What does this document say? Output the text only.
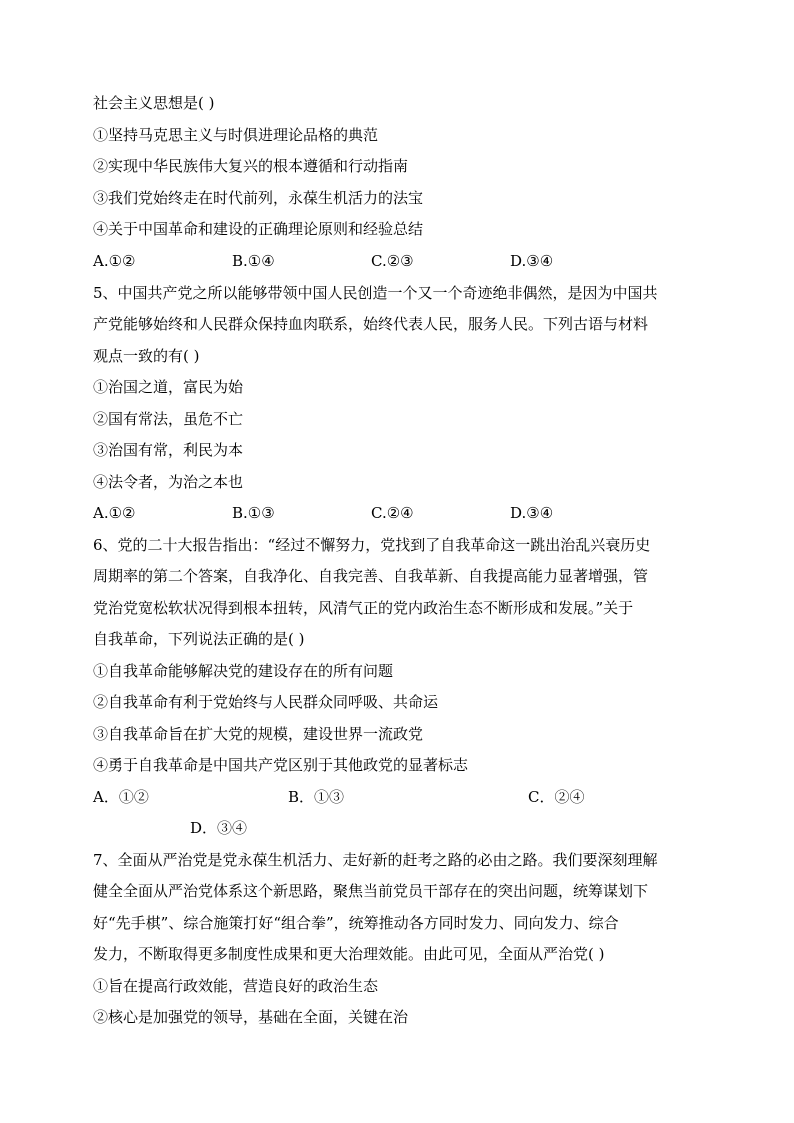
社会主义思想是( )
①坚持马克思主义与时俱进理论品格的典范
②实现中华民族伟大复兴的根本遵循和行动指南
③我们党始终走在时代前列，永葆生机活力的法宝
④关于中国革命和建设的正确理论原则和经验总结
A.①②	B.①④	C.②③	D.③④
5、中国共产党之所以能够带领中国人民创造一个又一个奇迹绝非偶然，是因为中国共
产党能够始终和人民群众保持血肉联系，始终代表人民，服务人民。下列古语与材料
观点一致的有( )
①治国之道，富民为始
②国有常法，虽危不亡
③治国有常，利民为本
④法令者，为治之本也
A.①②	B.①③	C.②④	D.③④
6、党的二十大报告指出：“经过不懈努力，党找到了自我革命这一跳出治乱兴衰历史
周期率的第二个答案，自我净化、自我完善、自我革新、自我提高能力显著增强，管
党治党宽松软状况得到根本扭转，风清气正的党内政治生态不断形成和发展。”关于
自我革命，下列说法正确的是( )
①自我革命能够解决党的建设存在的所有问题
②自我革命有利于党始终与人民群众同呼吸、共命运
③自我革命旨在扩大党的规模，建设世界一流政党
④勇于自我革命是中国共产党区别于其他政党的显著标志
A．①②	B．①③	C．②④
D．③④
7、全面从严治党是党永葆生机活力、走好新的赶考之路的必由之路。我们要深刻理解
健全全面从严治党体系这个新思路，聚焦当前党员干部存在的突出问题，统筹谋划下
好“先手棋”、综合施策打好“组合拳”，统筹推动各方同时发力、同向发力、综合
发力，不断取得更多制度性成果和更大治理效能。由此可见，全面从严治党( )
①旨在提高行政效能，营造良好的政治生态
②核心是加强党的领导，基础在全面，关键在治
